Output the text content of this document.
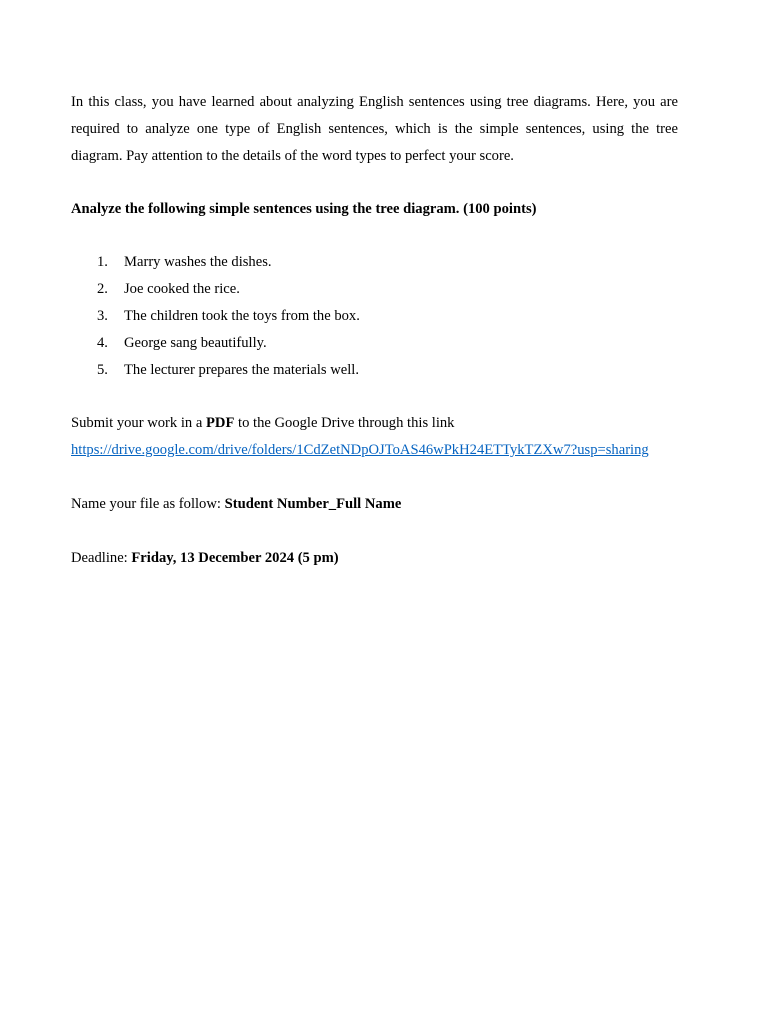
In this class, you have learned about analyzing English sentences using tree diagrams. Here, you are required to analyze one type of English sentences, which is the simple sentences, using the tree diagram. Pay attention to the details of the word types to perfect your score.

Analyze the following simple sentences using the tree diagram. (100 points)

1.	Marry washes the dishes.
2.	Joe cooked the rice.
3.	The children took the toys from the box.
4.	George sang beautifully.
5.	The lecturer prepares the materials well.

Submit your work in a PDF to the Google Drive through this link
https://drive.google.com/drive/folders/1CdZetNDpOJToAS46wPkH24ETTykTZXw7?usp=sharing

Name your file as follow: Student Number_Full Name

Deadline: Friday, 13 December 2024 (5 pm)
